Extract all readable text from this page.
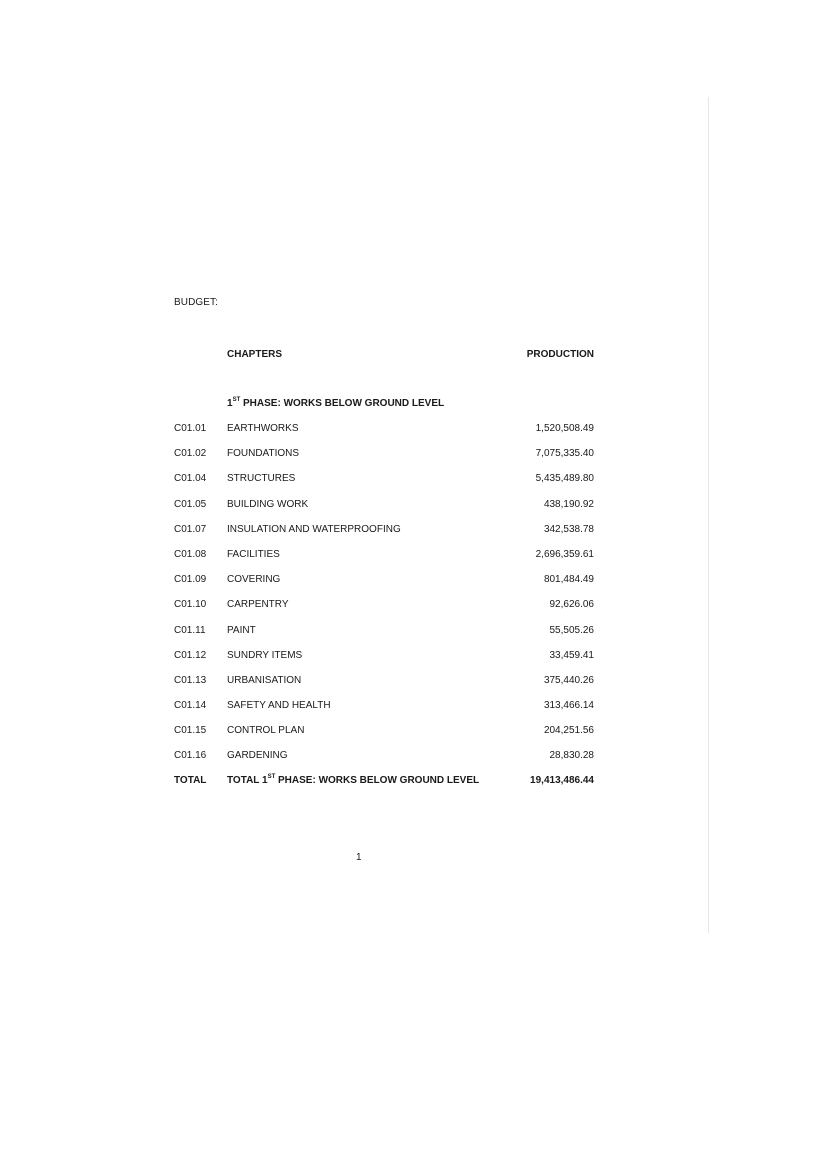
BUDGET:
CHAPTERS	PRODUCTION
1ST PHASE: WORKS BELOW GROUND LEVEL
C01.01 EARTHWORKS	1,520,508.49
C01.02 FOUNDATIONS	7,075,335.40
C01.04 STRUCTURES	5,435,489.80
C01.05 BUILDING WORK	438,190.92
C01.07 INSULATION AND WATERPROOFING	342,538.78
C01.08 FACILITIES	2,696,359.61
C01.09 COVERING	801,484.49
C01.10 CARPENTRY	92,626.06
C01.11 PAINT	55,505.26
C01.12 SUNDRY ITEMS	33,459.41
C01.13 URBANISATION	375,440.26
C01.14 SAFETY AND HEALTH	313,466.14
C01.15 CONTROL PLAN	204,251.56
C01.16 GARDENING	28,830.28
TOTAL TOTAL 1ST PHASE: WORKS BELOW GROUND LEVEL	19,413,486.44
1
